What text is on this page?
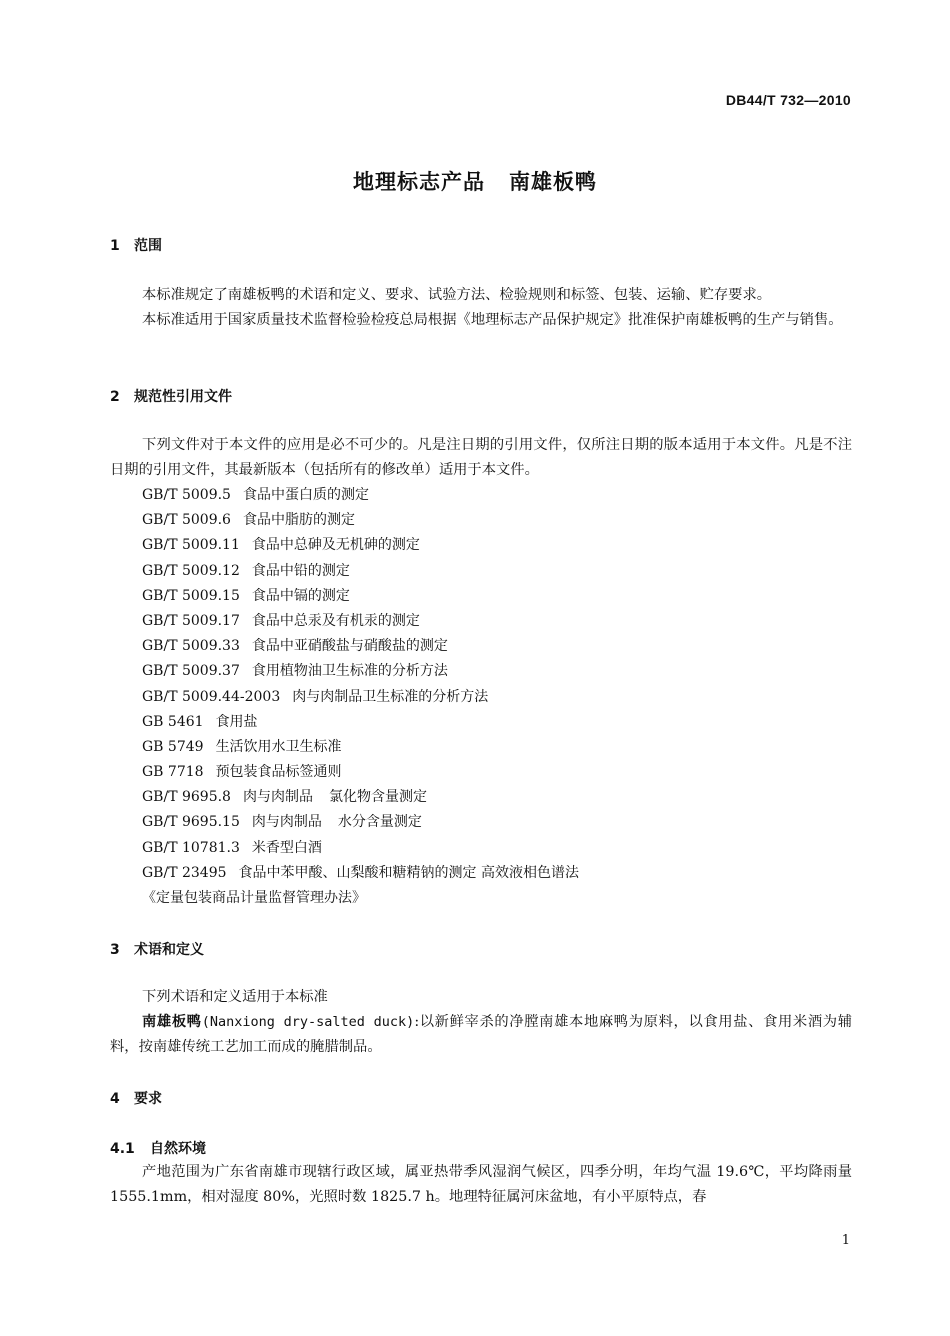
DB44/T 732—2010
地理标志产品 南雄板鸭
1 范围
本标准规定了南雄板鸭的术语和定义、要求、试验方法、检验规则和标签、包装、运输、贮存要求。
本标准适用于国家质量技术监督检验检疫总局根据《地理标志产品保护规定》批准保护南雄板鸭的生产与销售。
2 规范性引用文件
下列文件对于本文件的应用是必不可少的。凡是注日期的引用文件，仅所注日期的版本适用于本文件。凡是不注日期的引用文件，其最新版本（包括所有的修改单）适用于本文件。
GB/T 5009.5 食品中蛋白质的测定
GB/T 5009.6 食品中脂肪的测定
GB/T 5009.11 食品中总砷及无机砷的测定
GB/T 5009.12 食品中铅的测定
GB/T 5009.15 食品中镉的测定
GB/T 5009.17 食品中总汞及有机汞的测定
GB/T 5009.33 食品中亚硝酸盐与硝酸盐的测定
GB/T 5009.37 食用植物油卫生标准的分析方法
GB/T 5009.44-2003 肉与肉制品卫生标准的分析方法
GB 5461 食用盐
GB 5749 生活饮用水卫生标准
GB 7718 预包装食品标签通则
GB/T 9695.8 肉与肉制品 氯化物含量测定
GB/T 9695.15 肉与肉制品 水分含量测定
GB/T 10781.3 米香型白酒
GB/T 23495 食品中苯甲酸、山梨酸和糖精钠的测定 高效液相色谱法
《定量包装商品计量监督管理办法》
3 术语和定义
下列术语和定义适用于本标准
南雄板鸭(Nanxiong dry-salted duck):以新鲜宰杀的净膛南雄本地麻鸭为原料，以食用盐、食用米酒为辅料，按南雄传统工艺加工而成的腌腊制品。
4 要求
4.1 自然环境
产地范围为广东省南雄市现辖行政区域，属亚热带季风湿润气候区，四季分明，年均气温 19.6℃，平均降雨量 1555.1mm，相对湿度 80%，光照时数 1825.7 h。地理特征属河床盆地，有小平原特点，春
1
